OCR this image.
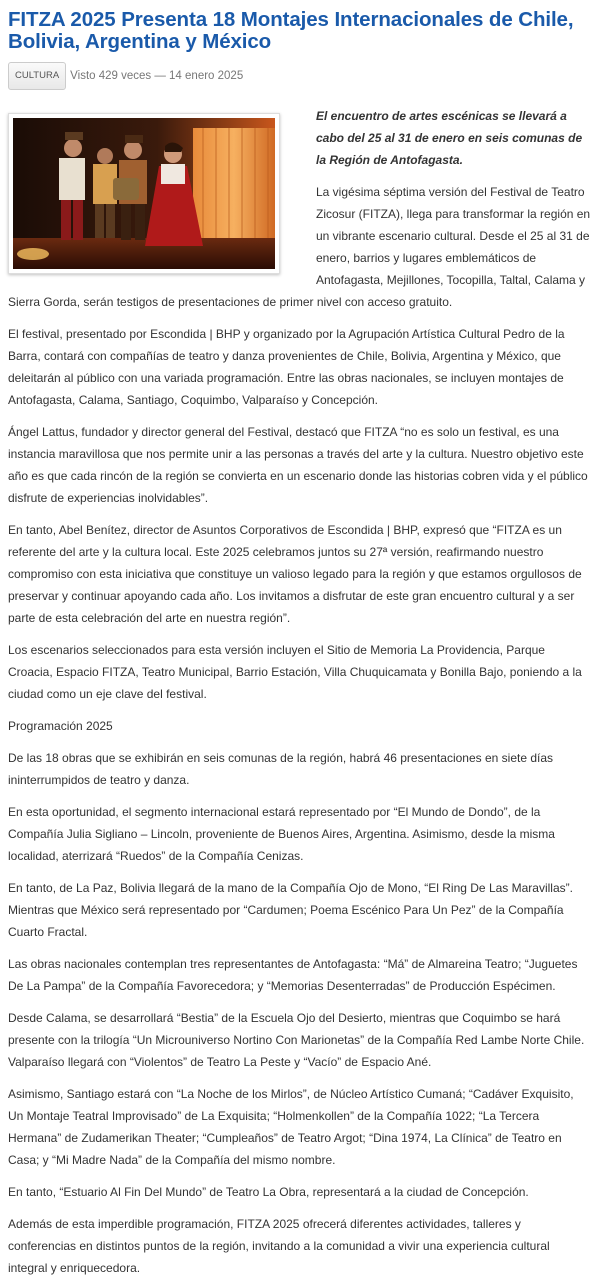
FITZA 2025 Presenta 18 Montajes Internacionales de Chile, Bolivia, Argentina y México
CULTURA Visto 429 veces — 14 enero 2025

El encuentro de artes escénicas se llevará a cabo del 25 al 31 de enero en seis comunas de la Región de Antofagasta.

La vigésima séptima versión del Festival de Teatro Zicosur (FITZA), llega para transformar la región en un vibrante escenario cultural. Desde el 25 al 31 de enero, barrios y lugares emblemáticos de Antofagasta, Mejillones, Tocopilla, Taltal, Calama y Sierra Gorda, serán testigos de presentaciones de primer nivel con acceso gratuito.

El festival, presentado por Escondida | BHP y organizado por la Agrupación Artística Cultural Pedro de la Barra, contará con compañías de teatro y danza provenientes de Chile, Bolivia, Argentina y México, que deleitarán al público con una variada programación. Entre las obras nacionales, se incluyen montajes de Antofagasta, Calama, Santiago, Coquimbo, Valparaíso y Concepción.

Ángel Lattus, fundador y director general del Festival, destacó que FITZA “no es solo un festival, es una instancia maravillosa que nos permite unir a las personas a través del arte y la cultura. Nuestro objetivo este año es que cada rincón de la región se convierta en un escenario donde las historias cobren vida y el público disfrute de experiencias inolvidables”.

En tanto, Abel Benítez, director de Asuntos Corporativos de Escondida | BHP, expresó que “FITZA es un referente del arte y la cultura local. Este 2025 celebramos juntos su 27ª versión, reafirmando nuestro compromiso con esta iniciativa que constituye un valioso legado para la región y que estamos orgullosos de preservar y continuar apoyando cada año. Los invitamos a disfrutar de este gran encuentro cultural y a ser parte de esta celebración del arte en nuestra región”.

Los escenarios seleccionados para esta versión incluyen el Sitio de Memoria La Providencia, Parque Croacia, Espacio FITZA, Teatro Municipal, Barrio Estación, Villa Chuquicamata y Bonilla Bajo, poniendo a la ciudad como un eje clave del festival.

Programación 2025

De las 18 obras que se exhibirán en seis comunas de la región, habrá 46 presentaciones en siete días ininterrumpidos de teatro y danza.

En esta oportunidad, el segmento internacional estará representado por “El Mundo de Dondo”, de la Compañía Julia Sigliano – Lincoln, proveniente de Buenos Aires, Argentina. Asimismo, desde la misma localidad, aterrizará “Ruedos” de la Compañía Cenizas.

En tanto, de La Paz, Bolivia llegará de la mano de la Compañía Ojo de Mono, “El Ring De Las Maravillas”. Mientras que México será representado por “Cardumen; Poema Escénico Para Un Pez” de la Compañía Cuarto Fractal.

Las obras nacionales contemplan tres representantes de Antofagasta: “Má” de Almareina Teatro; “Juguetes De La Pampa” de la Compañía Favorecedora; y “Memorias Desenterradas” de Producción Espécimen.

Desde Calama, se desarrollará “Bestia” de la Escuela Ojo del Desierto, mientras que Coquimbo se hará presente con la trilogía “Un Microuniverso Nortino Con Marionetas” de la Compañía Red Lambe Norte Chile. Valparaíso llegará con “Violentos” de Teatro La Peste y “Vacío” de Espacio Ané.

Asimismo, Santiago estará con “La Noche de los Mirlos”, de Núcleo Artístico Cumaná; “Cadáver Exquisito, Un Montaje Teatral Improvisado” de La Exquisita; “Holmenkollen” de la Compañía 1022; “La Tercera Hermana” de Zudamerikan Theater; “Cumpleaños” de Teatro Argot; “Dina 1974, La Clínica” de Teatro en Casa; y “Mi Madre Nada” de la Compañía del mismo nombre.

En tanto, “Estuario Al Fin Del Mundo” de Teatro La Obra, representará a la ciudad de Concepción.

Además de esta imperdible programación, FITZA 2025 ofrecerá diferentes actividades, talleres y conferencias en distintos puntos de la región, invitando a la comunidad a vivir una experiencia cultural integral y enriquecedora.
